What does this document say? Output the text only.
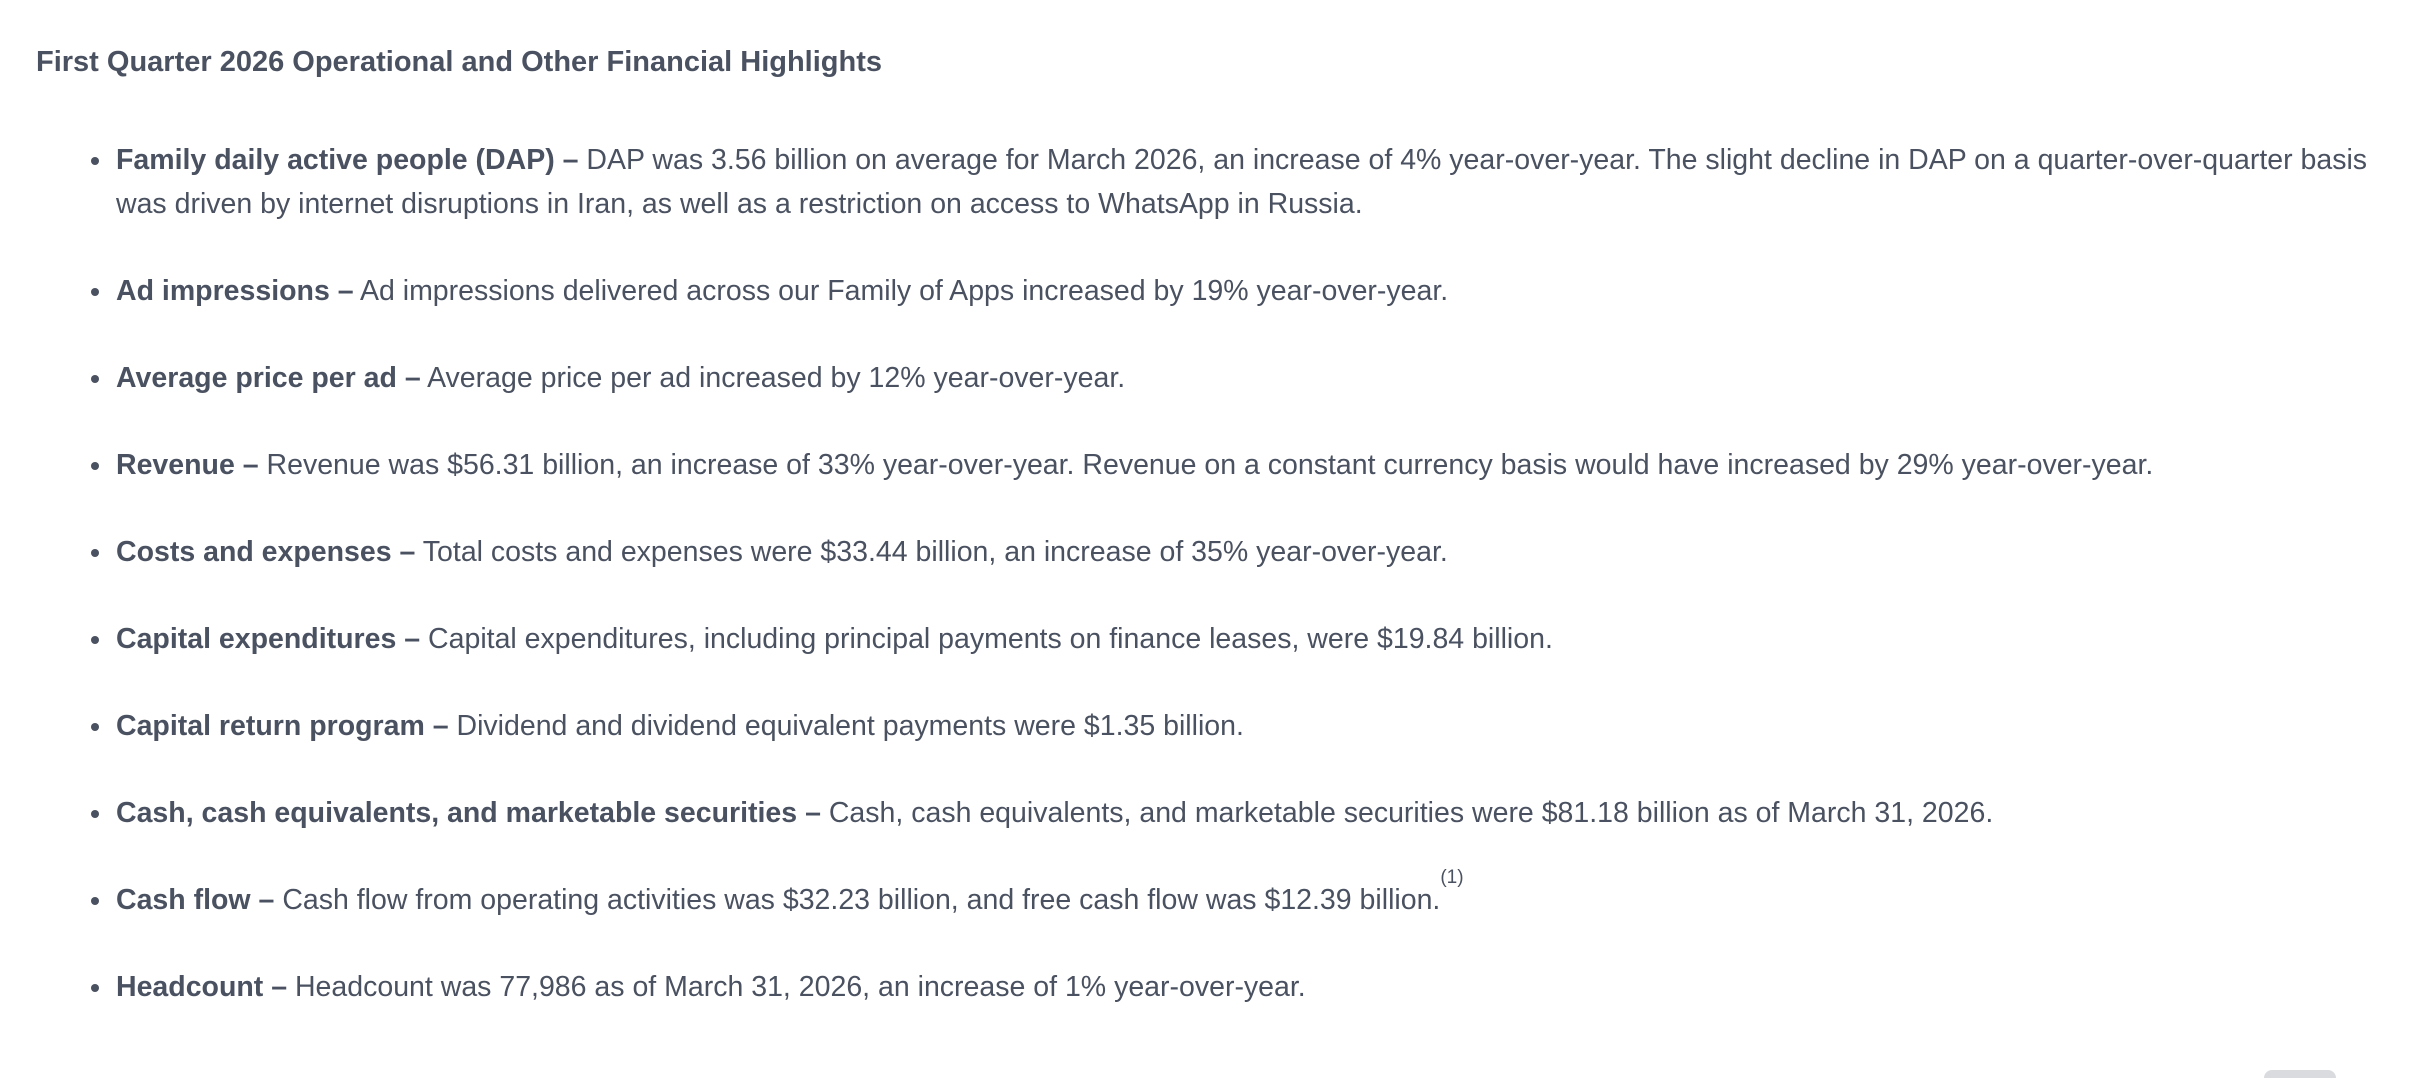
First Quarter 2026 Operational and Other Financial Highlights
Family daily active people (DAP) – DAP was 3.56 billion on average for March 2026, an increase of 4% year-over-year. The slight decline in DAP on a quarter-over-quarter basis was driven by internet disruptions in Iran, as well as a restriction on access to WhatsApp in Russia.
Ad impressions – Ad impressions delivered across our Family of Apps increased by 19% year-over-year.
Average price per ad – Average price per ad increased by 12% year-over-year.
Revenue – Revenue was $56.31 billion, an increase of 33% year-over-year. Revenue on a constant currency basis would have increased by 29% year-over-year.
Costs and expenses – Total costs and expenses were $33.44 billion, an increase of 35% year-over-year.
Capital expenditures – Capital expenditures, including principal payments on finance leases, were $19.84 billion.
Capital return program – Dividend and dividend equivalent payments were $1.35 billion.
Cash, cash equivalents, and marketable securities – Cash, cash equivalents, and marketable securities were $81.18 billion as of March 31, 2026.
Cash flow – Cash flow from operating activities was $32.23 billion, and free cash flow was $12.39 billion.$^{(1)}$
Headcount – Headcount was 77,986 as of March 31, 2026, an increase of 1% year-over-year.
